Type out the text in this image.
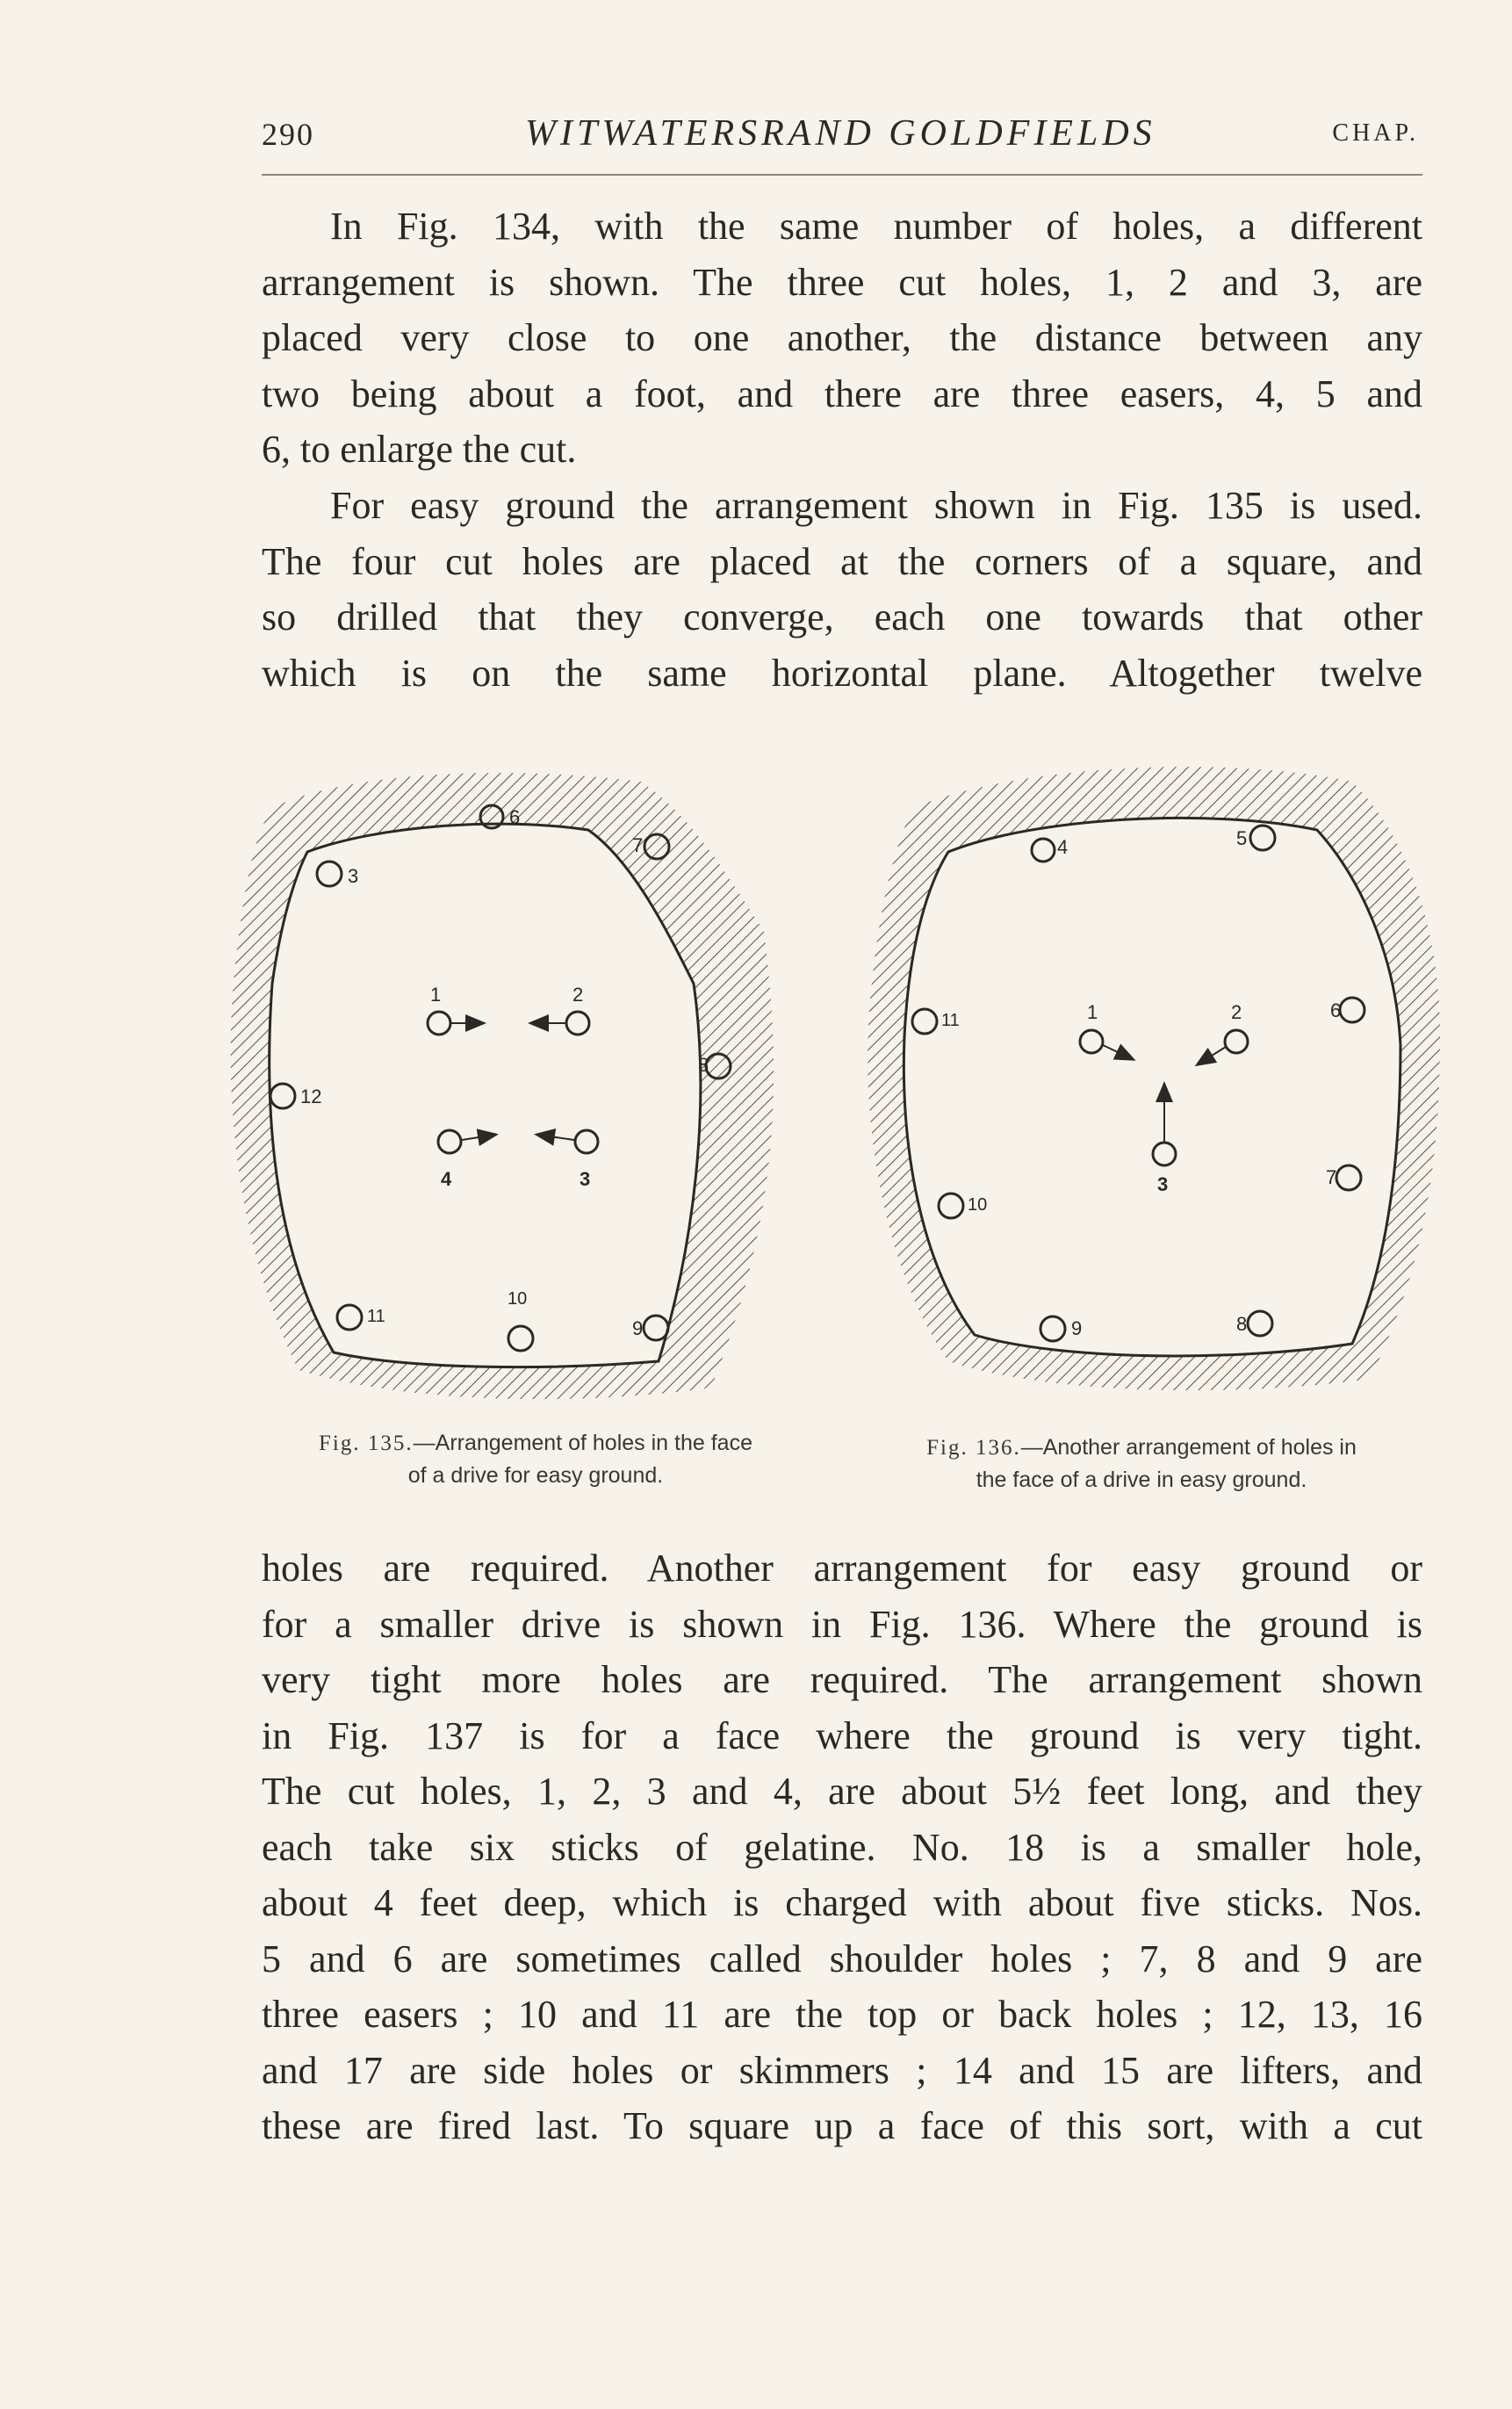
290	WITWATERSRAND GOLDFIELDS	CHAP.

In Fig. 134, with the same number of holes, a different
arrangement is shown. The three cut holes, 1, 2 and 3, are
placed very close to one another, the distance between any
two being about a foot, and there are three easers, 4, 5 and
6, to enlarge the cut.

For easy ground the arrangement shown in Fig. 135 is used.
The four cut holes are placed at the corners of a square, and
so drilled that they converge, each one towards that other
which is on the same horizontal plane. Altogether twelve

6
7
3
12
8
1	2
4	3
11
10
9
4	5
11	6
1	2
3
10
7
9	8
Fig. 135.—Arrangement of holes in the face
of a drive for easy ground.
Fig. 136.—Another arrangement of holes in
the face of a drive in easy ground.

holes are required. Another arrangement for easy ground or
for a smaller drive is shown in Fig. 136. Where the ground is
very tight more holes are required. The arrangement shown
in Fig. 137 is for a face where the ground is very tight.
The cut holes, 1, 2, 3 and 4, are about 5½ feet long, and they
each take six sticks of gelatine. No. 18 is a smaller hole,
about 4 feet deep, which is charged with about five sticks. Nos.
5 and 6 are sometimes called shoulder holes ; 7, 8 and 9 are
three easers ; 10 and 11 are the top or back holes ; 12, 13, 16
and 17 are side holes or skimmers ; 14 and 15 are lifters, and
these are fired last. To square up a face of this sort, with a cut
